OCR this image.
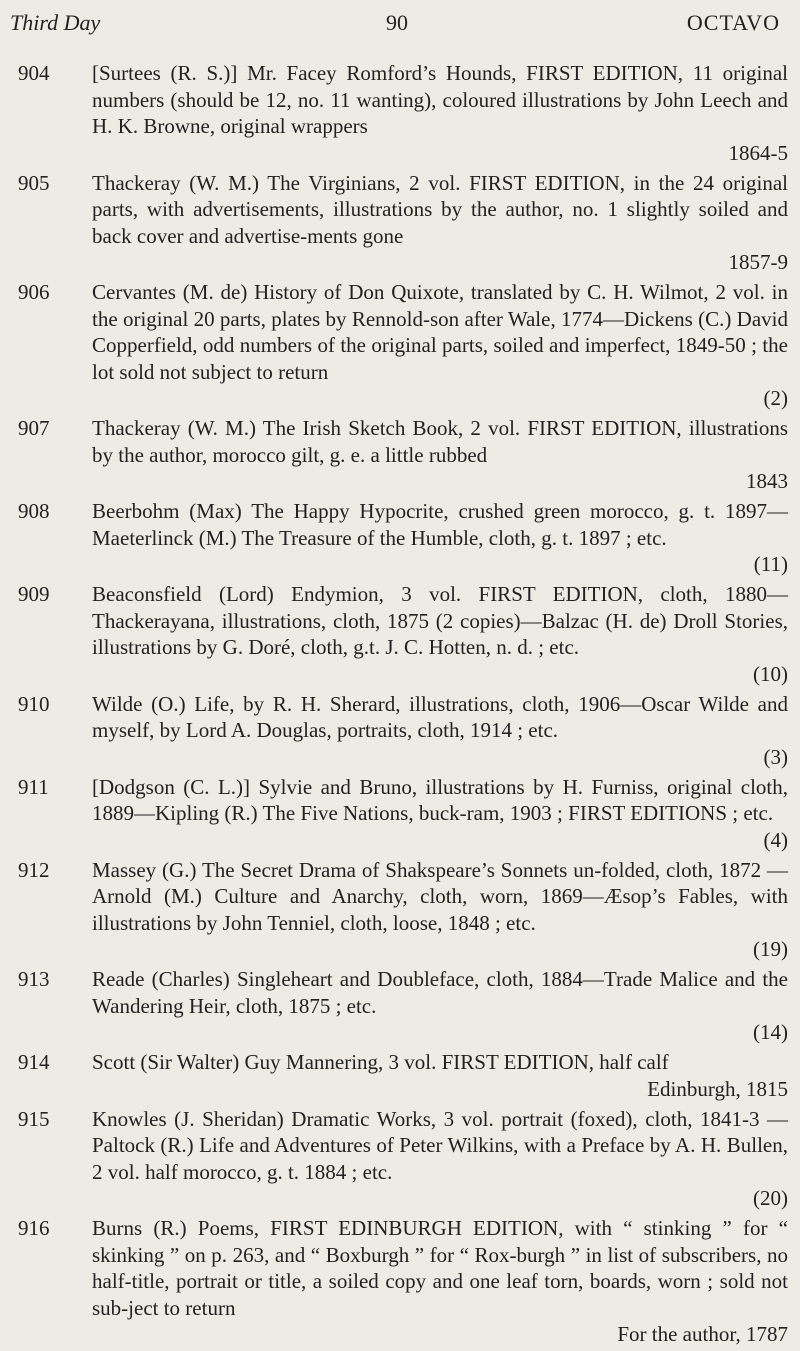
Third Day	90	OCTAVO
904 [Surtees (R. S.)] Mr. Facey Romford’s Hounds, FIRST EDITION, 11 original numbers (should be 12, no. 11 wanting), coloured illustrations by John Leech and H. K. Browne, original wrappers
1864-5
905 Thackeray (W. M.) The Virginians, 2 vol. FIRST EDITION, in the 24 original parts, with advertisements, illustrations by the author, no. 1 slightly soiled and back cover and advertise-ments gone
1857-9
906 Cervantes (M. de) History of Don Quixote, translated by C. H. Wilmot, 2 vol. in the original 20 parts, plates by Rennold-son after Wale, 1774—Dickens (C.) David Copperfield, odd numbers of the original parts, soiled and imperfect, 1849-50 ; the lot sold not subject to return
(2)
907 Thackeray (W. M.) The Irish Sketch Book, 2 vol. FIRST EDITION, illustrations by the author, morocco gilt, g. e. a little rubbed
1843
908 Beerbohm (Max) The Happy Hypocrite, crushed green morocco, g. t. 1897—Maeterlinck (M.) The Treasure of the Humble, cloth, g. t. 1897 ; etc.
(11)
909 Beaconsfield (Lord) Endymion, 3 vol. FIRST EDITION, cloth, 1880—Thackerayana, illustrations, cloth, 1875 (2 copies)—Balzac (H. de) Droll Stories, illustrations by G. Doré, cloth, g.t. J. C. Hotten, n. d. ; etc.
(10)
910 Wilde (O.) Life, by R. H. Sherard, illustrations, cloth, 1906—Oscar Wilde and myself, by Lord A. Douglas, portraits, cloth, 1914 ; etc.
(3)
911 [Dodgson (C. L.)] Sylvie and Bruno, illustrations by H. Furniss, original cloth, 1889—Kipling (R.) The Five Nations, buck-ram, 1903 ; FIRST EDITIONS ; etc.
(4)
912 Massey (G.) The Secret Drama of Shakspeare’s Sonnets un-folded, cloth, 1872 — Arnold (M.) Culture and Anarchy, cloth, worn, 1869—Æsop’s Fables, with illustrations by John Tenniel, cloth, loose, 1848 ; etc.
(19)
913 Reade (Charles) Singleheart and Doubleface, cloth, 1884—Trade Malice and the Wandering Heir, cloth, 1875 ; etc.
(14)
914 Scott (Sir Walter) Guy Mannering, 3 vol. FIRST EDITION, half calf
Edinburgh, 1815
915 Knowles (J. Sheridan) Dramatic Works, 3 vol. portrait (foxed), cloth, 1841-3 — Paltock (R.) Life and Adventures of Peter Wilkins, with a Preface by A. H. Bullen, 2 vol. half morocco, g. t. 1884 ; etc.
(20)
916 Burns (R.) Poems, FIRST EDINBURGH EDITION, with “ stinking ” for “ skinking ” on p. 263, and “ Boxburgh ” for “ Rox-burgh ” in list of subscribers, no half-title, portrait or title, a soiled copy and one leaf torn, boards, worn ; sold not sub-ject to return
For the author, 1787
